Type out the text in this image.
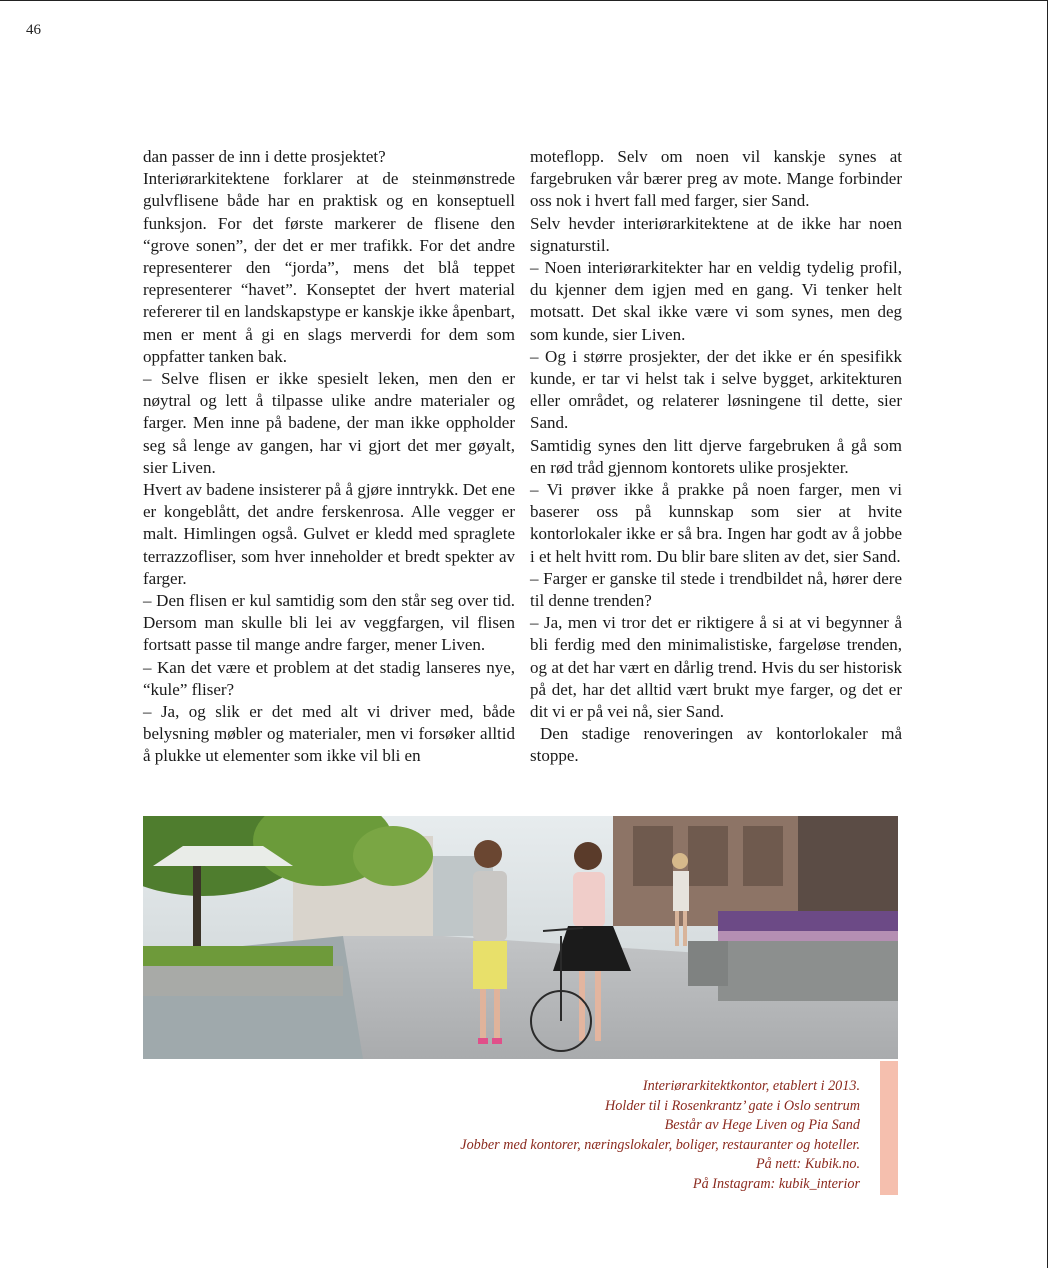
46

dan passer de inn i dette prosjektet?

Interiørarkitektene forklarer at de steinmønstrede gulvflisene både har en praktisk og en konseptuell funksjon. For det første markerer de flisene den “grove sonen”, der det er mer trafikk. For det andre representerer den “jorda”, mens det blå teppet representerer “havet”. Konseptet der hvert material refererer til en landskapstype er kanskje ikke åpenbart, men er ment å gi en slags merverdi for dem som oppfatter tanken bak.

– Selve flisen er ikke spesielt leken, men den er nøytral og lett å tilpasse ulike andre materialer og farger. Men inne på badene, der man ikke oppholder seg så lenge av gangen, har vi gjort det mer gøyalt, sier Liven.

Hvert av badene insisterer på å gjøre inntrykk. Det ene er kongeblått, det andre ferskenrosa. Alle vegger er malt. Himlingen også. Gulvet er kledd med spraglete terrazzofliser, som hver inneholder et bredt spekter av farger.

– Den flisen er kul samtidig som den står seg over tid. Dersom man skulle bli lei av veggfargen, vil flisen fortsatt passe til mange andre farger, mener Liven.

– Kan det være et problem at det stadig lanseres nye, “kule” fliser?

– Ja, og slik er det med alt vi driver med, både belysning møbler og materialer, men vi forsøker alltid å plukke ut elementer som ikke vil bli en

moteflopp. Selv om noen vil kanskje synes at fargebruken vår bærer preg av mote. Mange forbinder oss nok i hvert fall med farger, sier Sand.

Selv hevder interiørarkitektene at de ikke har noen signaturstil.

– Noen interiørarkitekter har en veldig tydelig profil, du kjenner dem igjen med en gang. Vi tenker helt motsatt. Det skal ikke være vi som synes, men deg som kunde, sier Liven.

– Og i større prosjekter, der det ikke er én spesifikk kunde, er tar vi helst tak i selve bygget, arkitekturen eller området, og relaterer løsningene til dette, sier Sand.

Samtidig synes den litt djerve fargebruken å gå som en rød tråd gjennom kontorets ulike prosjekter.

– Vi prøver ikke å prakke på noen farger, men vi baserer oss på kunnskap som sier at hvite kontorlokaler ikke er så bra. Ingen har godt av å jobbe i et helt hvitt rom. Du blir bare sliten av det, sier Sand.

– Farger er ganske til stede i trendbildet nå, hører dere til denne trenden?

– Ja, men vi tror det er riktigere å si at vi begynner å bli ferdig med den minimalistiske, fargeløse trenden, og at det har vært en dårlig trend. Hvis du ser historisk på det, har det alltid vært brukt mye farger, og det er dit vi er på vei nå, sier Sand.

Den stadige renoveringen av kontorlokaler må stoppe.

Interiørarkitektkontor, etablert i 2013.
Holder til i Rosenkrantz’ gate i Oslo sentrum
Består av Hege Liven og Pia Sand
Jobber med kontorer, næringslokaler, boliger, restauranter og hoteller.
På nett: Kubik.no.
På Instagram: kubik_interior
